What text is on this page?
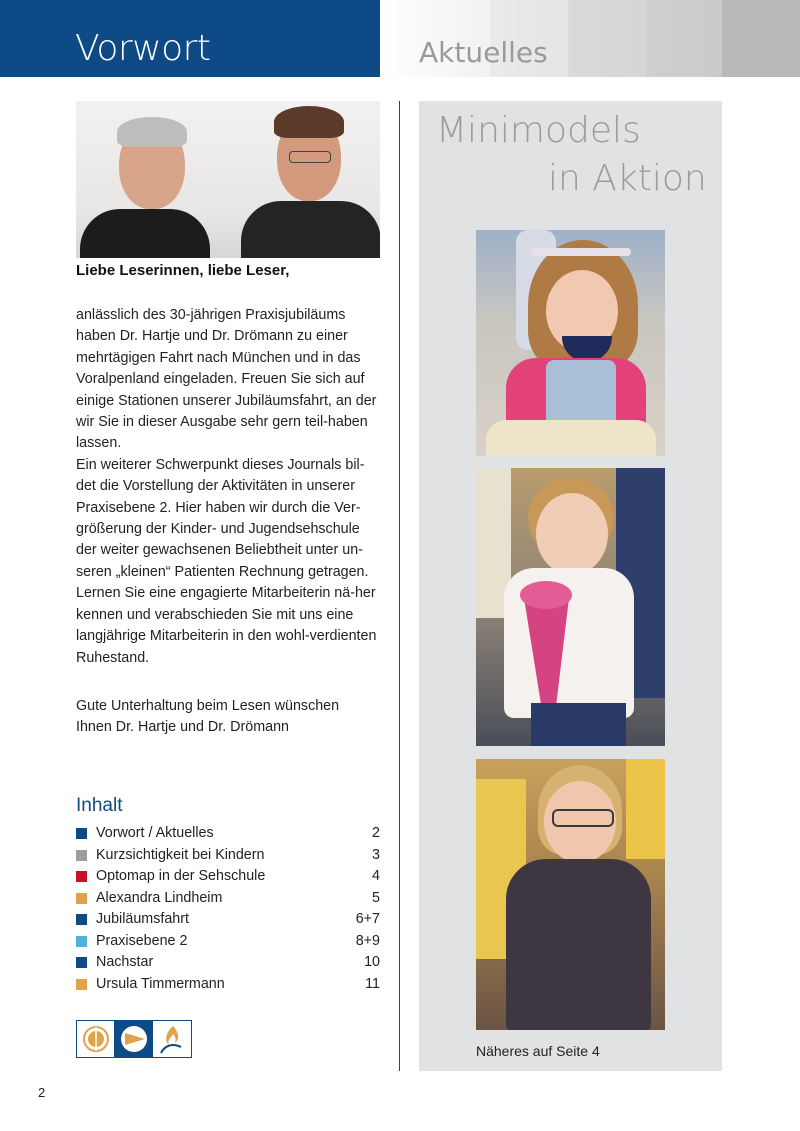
Vorwort	Aktuelles
Liebe Leserinnen, liebe Leser,

anlässlich des 30-jährigen Praxisjubiläums haben Dr. Hartje und Dr. Drömann zu einer mehrtägigen Fahrt nach München und in das Voralpenland eingeladen. Freuen Sie sich auf einige Stationen unserer Jubiläumsfahrt, an der wir Sie in dieser Ausgabe sehr gern teil-haben lassen.

Ein weiterer Schwerpunkt dieses Journals bil-det die Vorstellung der Aktivitäten in unserer Praxisebene 2. Hier haben wir durch die Ver-größerung der Kinder- und Jugendsehschule der weiter gewachsenen Beliebtheit unter un-seren „kleinen“ Patienten Rechnung getragen. Lernen Sie eine engagierte Mitarbeiterin nä-her kennen und verabschieden Sie mit uns eine langjährige Mitarbeiterin in den wohl-verdienten Ruhestand.

Gute Unterhaltung beim Lesen wünschen

Ihnen Dr. Hartje und Dr. Drömann

Inhalt
Vorwort / Aktuelles	2
Kurzsichtigkeit bei Kindern	3
Optomap in der Sehschule	4
Alexandra Lindheim	5
Jubiläumsfahrt	6+7
Praxisebene 2	8+9
Nachstar	10
Ursula Timmermann	11
Minimodels
in Aktion
Näheres auf Seite 4
2
